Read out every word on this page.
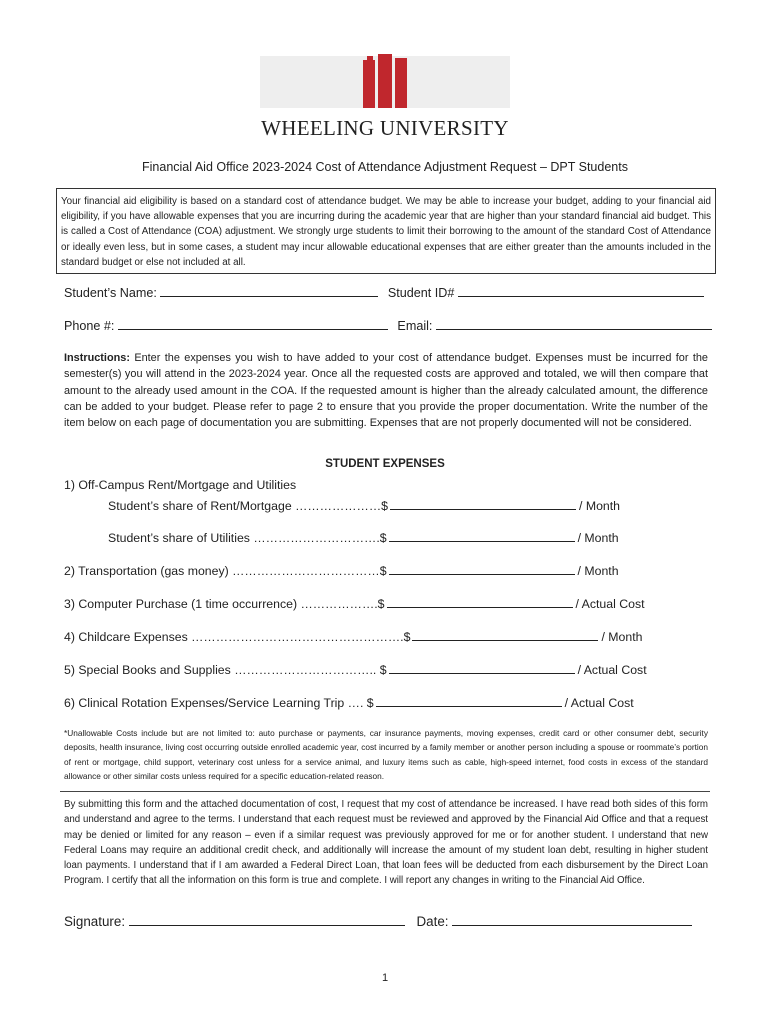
WHEELING UNIVERSITY
Financial Aid Office 2023-2024 Cost of Attendance Adjustment Request – DPT Students
Your financial aid eligibility is based on a standard cost of attendance budget. We may be able to increase your budget, adding to your financial aid eligibility, if you have allowable expenses that you are incurring during the academic year that are higher than your standard financial aid budget. This is called a Cost of Attendance (COA) adjustment. We strongly urge students to limit their borrowing to the amount of the standard Cost of Attendance or ideally even less, but in some cases, a student may incur allowable educational expenses that are either greater than the amounts included in the standard budget or else not included at all.
Student’s Name:	Student ID#
Phone #:	Email:
Instructions: Enter the expenses you wish to have added to your cost of attendance budget. Expenses must be incurred for the semester(s) you will attend in the 2023-2024 year. Once all the requested costs are approved and totaled, we will then compare that amount to the already used amount in the COA. If the requested amount is higher than the already calculated amount, the difference can be added to your budget. Please refer to page 2 to ensure that you provide the proper documentation. Write the number of the item below on each page of documentation you are submitting. Expenses that are not properly documented will not be considered.
STUDENT EXPENSES
1) Off-Campus Rent/Mortgage and Utilities
Student’s share of Rent/Mortgage …………………$	/ Month
Student’s share of Utilities ………………………….$	/ Month
2) Transportation (gas money) ………………………………$	/ Month
3) Computer Purchase (1 time occurrence) ……………….$	/ Actual Cost
4) Childcare Expenses …………………………………………….$	/ Month
5) Special Books and Supplies …………………………….. $	/ Actual Cost
6) Clinical Rotation Expenses/Service Learning Trip …. $	/ Actual Cost
*Unallowable Costs include but are not limited to: auto purchase or payments, car insurance payments, moving expenses, credit card or other consumer debt, security deposits, health insurance, living cost occurring outside enrolled academic year, cost incurred by a family member or another person including a spouse or roommate’s portion of rent or mortgage, child support, veterinary cost unless for a service animal, and luxury items such as cable, high-speed internet, food costs in excess of the standard allowance or other similar costs unless required for a specific education-related reason.
By submitting this form and the attached documentation of cost, I request that my cost of attendance be increased. I have read both sides of this form and understand and agree to the terms. I understand that each request must be reviewed and approved by the Financial Aid Office and that a request may be denied or limited for any reason – even if a similar request was previously approved for me or for another student. I understand that new Federal Loans may require an additional credit check, and additionally will increase the amount of my student loan debt, resulting in higher student loan payments. I understand that if I am awarded a Federal Direct Loan, that loan fees will be deducted from each disbursement by the Direct Loan Program. I certify that all the information on this form is true and complete. I will report any changes in writing to the Financial Aid Office.
Signature:	Date:
1
